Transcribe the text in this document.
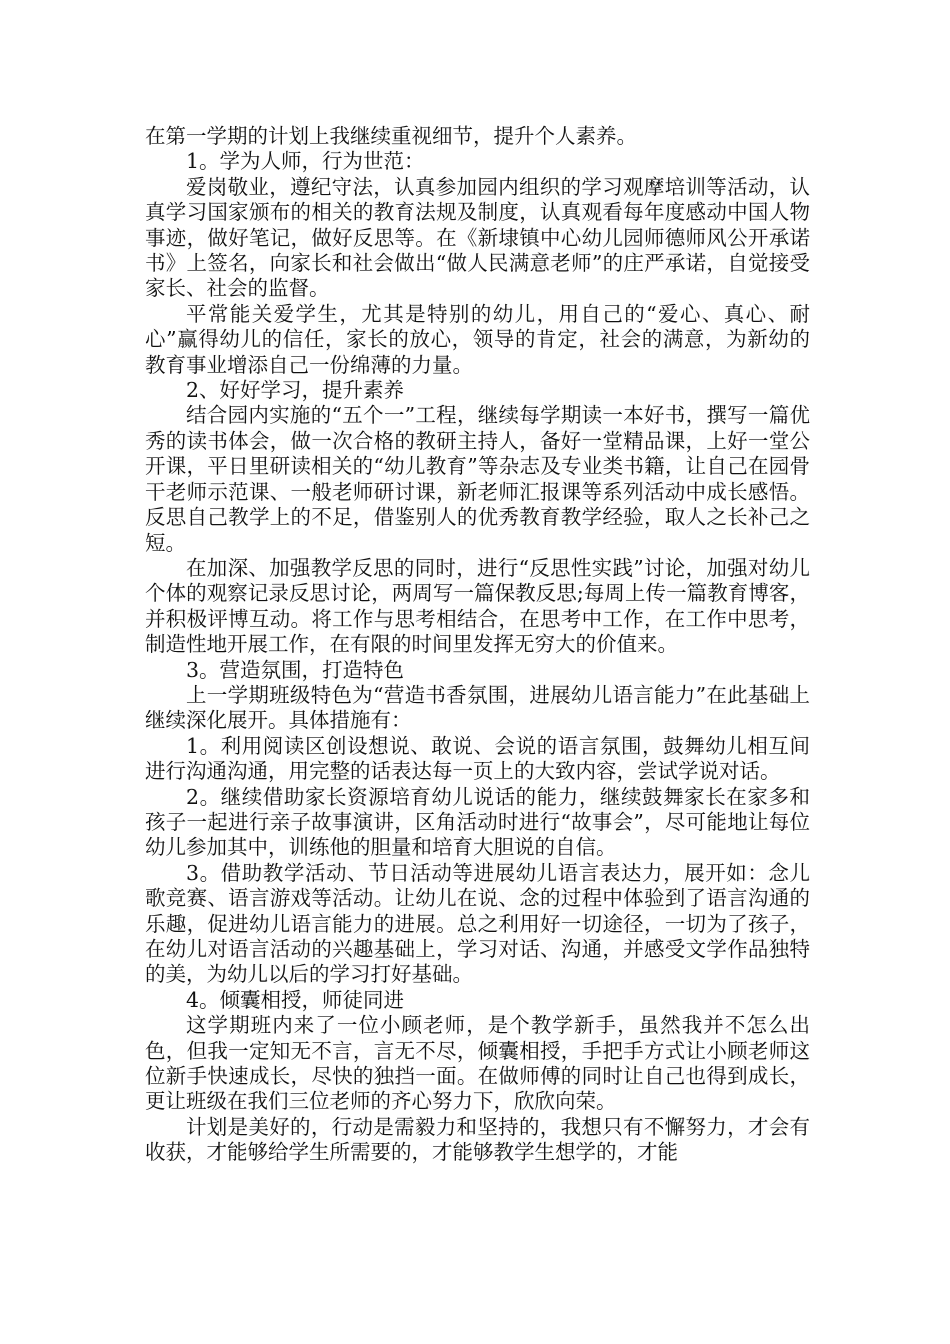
在第一学期的计划上我继续重视细节，提升个人素养。

1。学为人师，行为世范：

爱岗敬业，遵纪守法，认真参加园内组织的学习观摩培训等活动，认真学习国家颁布的相关的教育法规及制度，认真观看每年度感动中国人物事迹，做好笔记，做好反思等。在《新埭镇中心幼儿园师德师风公开承诺书》上签名，向家长和社会做出“做人民满意老师”的庄严承诺，自觉接受家长、社会的监督。

平常能关爱学生，尤其是特别的幼儿，用自己的“爱心、真心、耐心”赢得幼儿的信任，家长的放心，领导的肯定，社会的满意，为新幼的教育事业增添自己一份绵薄的力量。

2、好好学习，提升素养

结合园内实施的“五个一”工程，继续每学期读一本好书，撰写一篇优秀的读书体会，做一次合格的教研主持人，备好一堂精品课，上好一堂公开课，平日里研读相关的“幼儿教育”等杂志及专业类书籍，让自己在园骨干老师示范课、一般老师研讨课，新老师汇报课等系列活动中成长感悟。反思自己教学上的不足，借鉴别人的优秀教育教学经验，取人之长补己之短。

在加深、加强教学反思的同时，进行“反思性实践”讨论，加强对幼儿个体的观察记录反思讨论，两周写一篇保教反思;每周上传一篇教育博客，并积极评博互动。将工作与思考相结合，在思考中工作，在工作中思考，制造性地开展工作，在有限的时间里发挥无穷大的价值来。

3。营造氛围，打造特色

上一学期班级特色为“营造书香氛围，进展幼儿语言能力”在此基础上继续深化展开。具体措施有：

1。利用阅读区创设想说、敢说、会说的语言氛围，鼓舞幼儿相互间进行沟通沟通，用完整的话表达每一页上的大致内容，尝试学说对话。

2。继续借助家长资源培育幼儿说话的能力，继续鼓舞家长在家多和孩子一起进行亲子故事演讲，区角活动时进行“故事会”，尽可能地让每位幼儿参加其中，训练他的胆量和培育大胆说的自信。

3。借助教学活动、节日活动等进展幼儿语言表达力，展开如：念儿歌竞赛、语言游戏等活动。让幼儿在说、念的过程中体验到了语言沟通的乐趣，促进幼儿语言能力的进展。总之利用好一切途径，一切为了孩子，在幼儿对语言活动的兴趣基础上，学习对话、沟通，并感受文学作品独特的美，为幼儿以后的学习打好基础。

4。倾囊相授，师徒同进

这学期班内来了一位小顾老师，是个教学新手，虽然我并不怎么出色，但我一定知无不言，言无不尽，倾囊相授，手把手方式让小顾老师这位新手快速成长，尽快的独挡一面。在做师傅的同时让自己也得到成长，更让班级在我们三位老师的齐心努力下，欣欣向荣。

计划是美好的，行动是需毅力和坚持的，我想只有不懈努力，才会有收获，才能够给学生所需要的，才能够教学生想学的，才能
